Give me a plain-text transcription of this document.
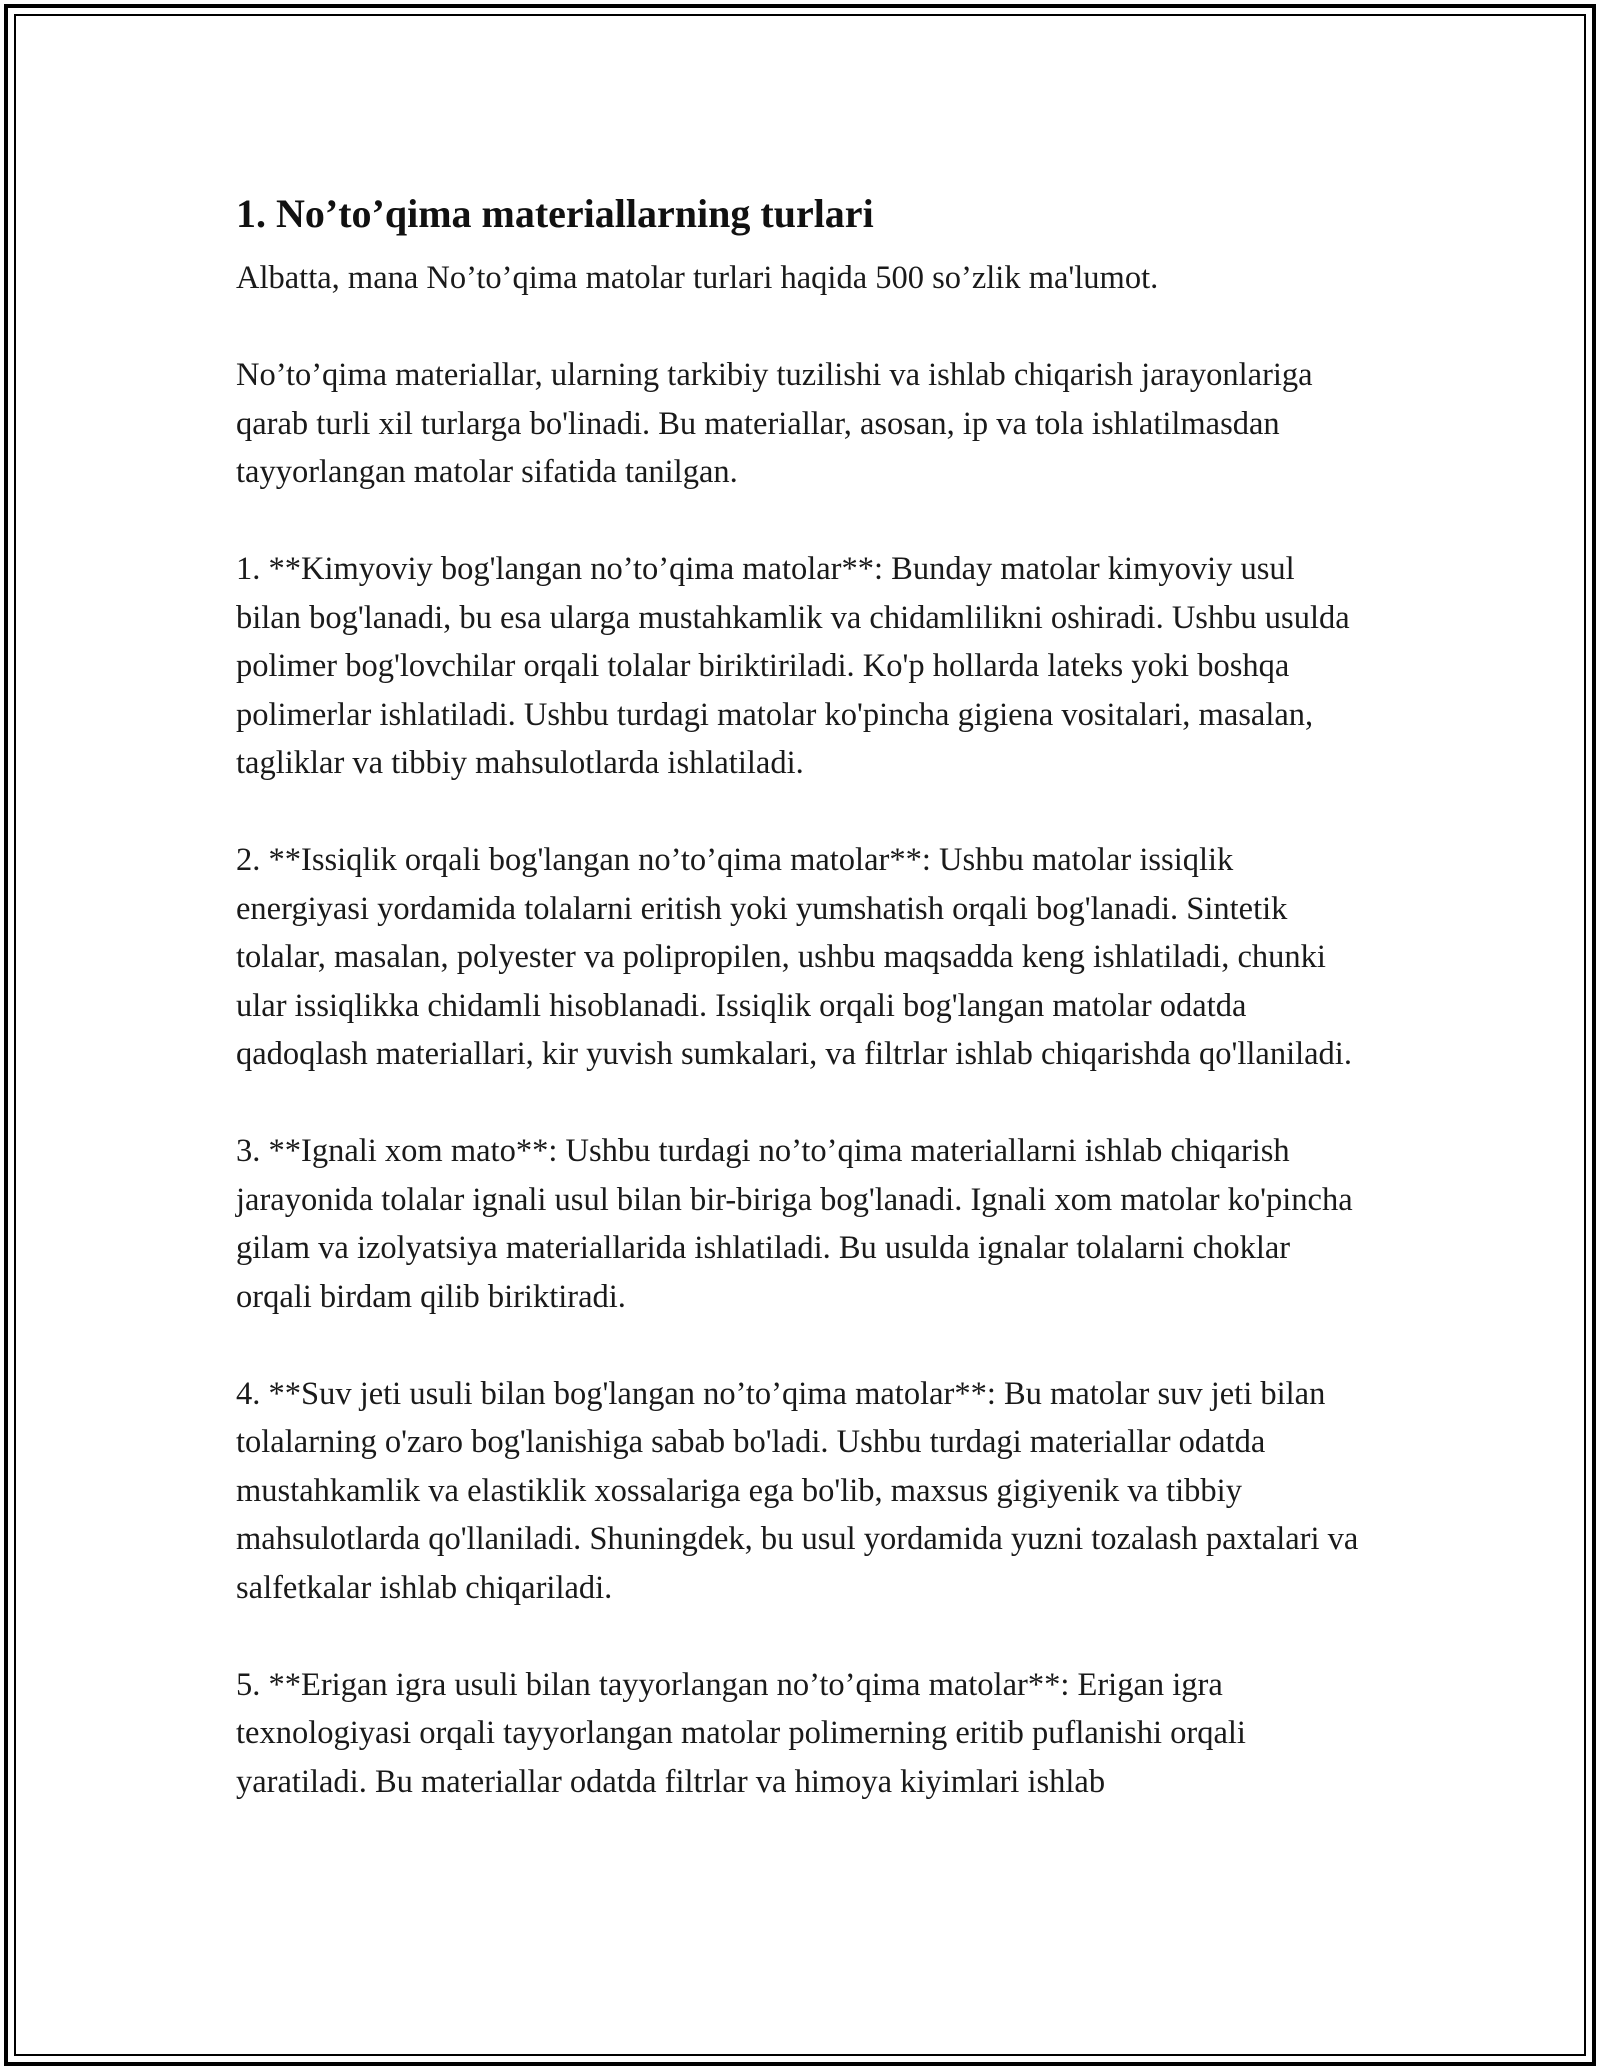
1. No’to’qima materiallarning turlari

Albatta, mana No’to’qima matolar turlari haqida 500 so’zlik ma'lumot.

No’to’qima materiallar, ularning tarkibiy tuzilishi va ishlab chiqarish jarayonlariga qarab turli xil turlarga bo'linadi. Bu materiallar, asosan, ip va tola ishlatilmasdan tayyorlangan matolar sifatida tanilgan.

1. **Kimyoviy bog'langan no’to’qima matolar**: Bunday matolar kimyoviy usul bilan bog'lanadi, bu esa ularga mustahkamlik va chidamlilikni oshiradi. Ushbu usulda polimer bog'lovchilar orqali tolalar biriktiriladi. Ko'p hollarda lateks yoki boshqa polimerlar ishlatiladi. Ushbu turdagi matolar ko'pincha gigiena vositalari, masalan, tagliklar va tibbiy mahsulotlarda ishlatiladi.

2. **Issiqlik orqali bog'langan no’to’qima matolar**: Ushbu matolar issiqlik energiyasi yordamida tolalarni eritish yoki yumshatish orqali bog'lanadi. Sintetik tolalar, masalan, polyester va polipropilen, ushbu maqsadda keng ishlatiladi, chunki ular issiqlikka chidamli hisoblanadi. Issiqlik orqali bog'langan matolar odatda qadoqlash materiallari, kir yuvish sumkalari, va filtrlar ishlab chiqarishda qo'llaniladi.

3. **Ignali xom mato**: Ushbu turdagi no’to’qima materiallarni ishlab chiqarish jarayonida tolalar ignali usul bilan bir-biriga bog'lanadi. Ignali xom matolar ko'pincha gilam va izolyatsiya materiallarida ishlatiladi. Bu usulda ignalar tolalarni choklar orqali birdam qilib biriktiradi.

4. **Suv jeti usuli bilan bog'langan no’to’qima matolar**: Bu matolar suv jeti bilan tolalarning o'zaro bog'lanishiga sabab bo'ladi. Ushbu turdagi materiallar odatda mustahkamlik va elastiklik xossalariga ega bo'lib, maxsus gigiyenik va tibbiy mahsulotlarda qo'llaniladi. Shuningdek, bu usul yordamida yuzni tozalash paxtalari va salfetkalar ishlab chiqariladi.

5. **Erigan igra usuli bilan tayyorlangan no’to’qima matolar**: Erigan igra texnologiyasi orqali tayyorlangan matolar polimerning eritib puflanishi orqali yaratiladi. Bu materiallar odatda filtrlar va himoya kiyimlari ishlab
